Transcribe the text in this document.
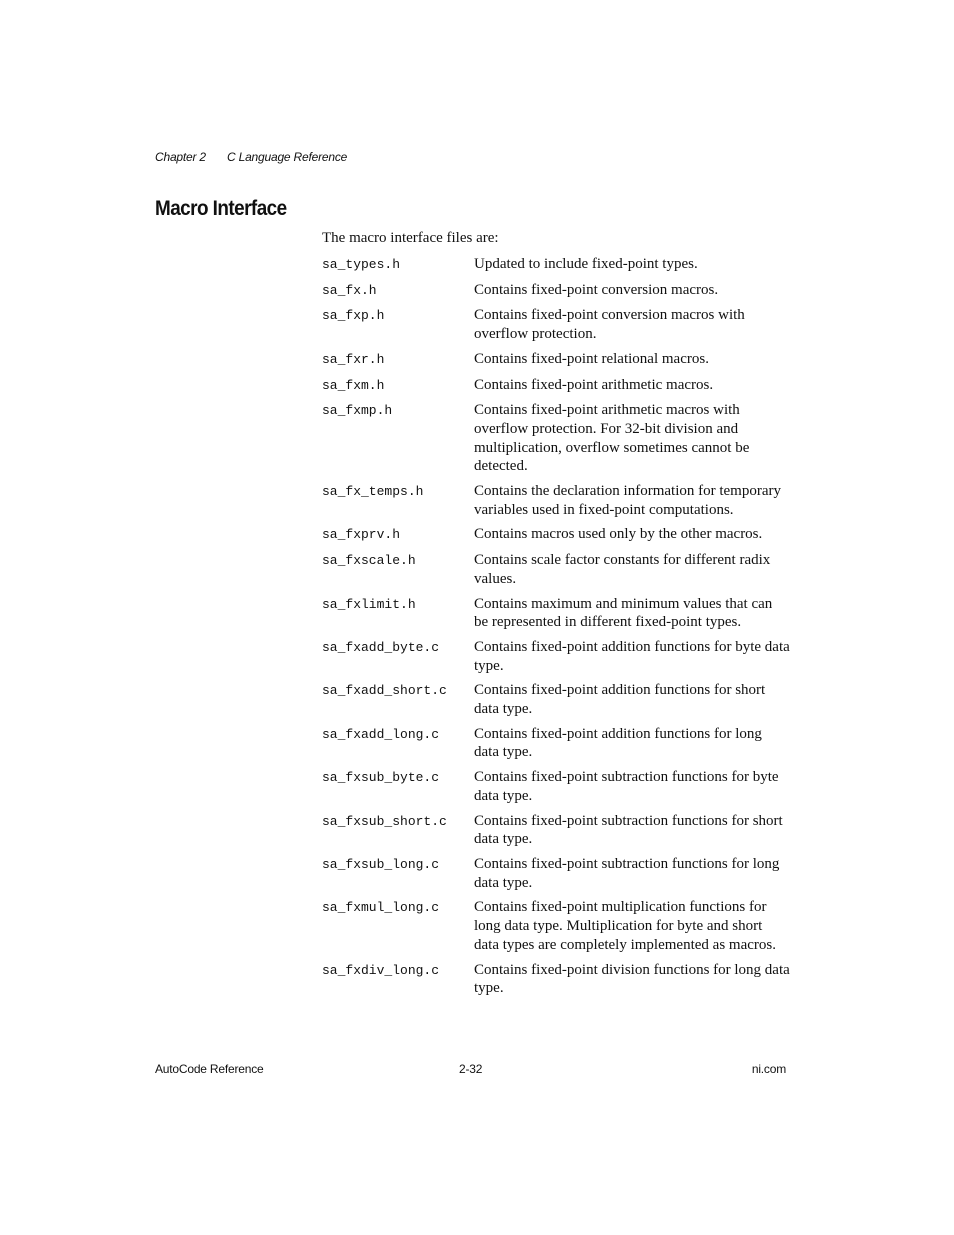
Chapter 2 C Language Reference
Macro Interface

The macro interface files are:

sa_types.h	Updated to include fixed-point types.
sa_fx.h	Contains fixed-point conversion macros.
sa_fxp.h	Contains fixed-point conversion macros with overflow protection.
sa_fxr.h	Contains fixed-point relational macros.
sa_fxm.h	Contains fixed-point arithmetic macros.
sa_fxmp.h	Contains fixed-point arithmetic macros with overflow protection. For 32-bit division and multiplication, overflow sometimes cannot be detected.
sa_fx_temps.h	Contains the declaration information for temporary variables used in fixed-point computations.
sa_fxprv.h	Contains macros used only by the other macros.
sa_fxscale.h	Contains scale factor constants for different radix values.
sa_fxlimit.h	Contains maximum and minimum values that can be represented in different fixed-point types.
sa_fxadd_byte.c	Contains fixed-point addition functions for byte data type.
sa_fxadd_short.c	Contains fixed-point addition functions for short data type.
sa_fxadd_long.c	Contains fixed-point addition functions for long data type.
sa_fxsub_byte.c	Contains fixed-point subtraction functions for byte data type.
sa_fxsub_short.c	Contains fixed-point subtraction functions for short data type.
sa_fxsub_long.c	Contains fixed-point subtraction functions for long data type.
sa_fxmul_long.c	Contains fixed-point multiplication functions for long data type. Multiplication for byte and short data types are completely implemented as macros.
sa_fxdiv_long.c	Contains fixed-point division functions for long data type.
AutoCode Reference	2-32	ni.com
